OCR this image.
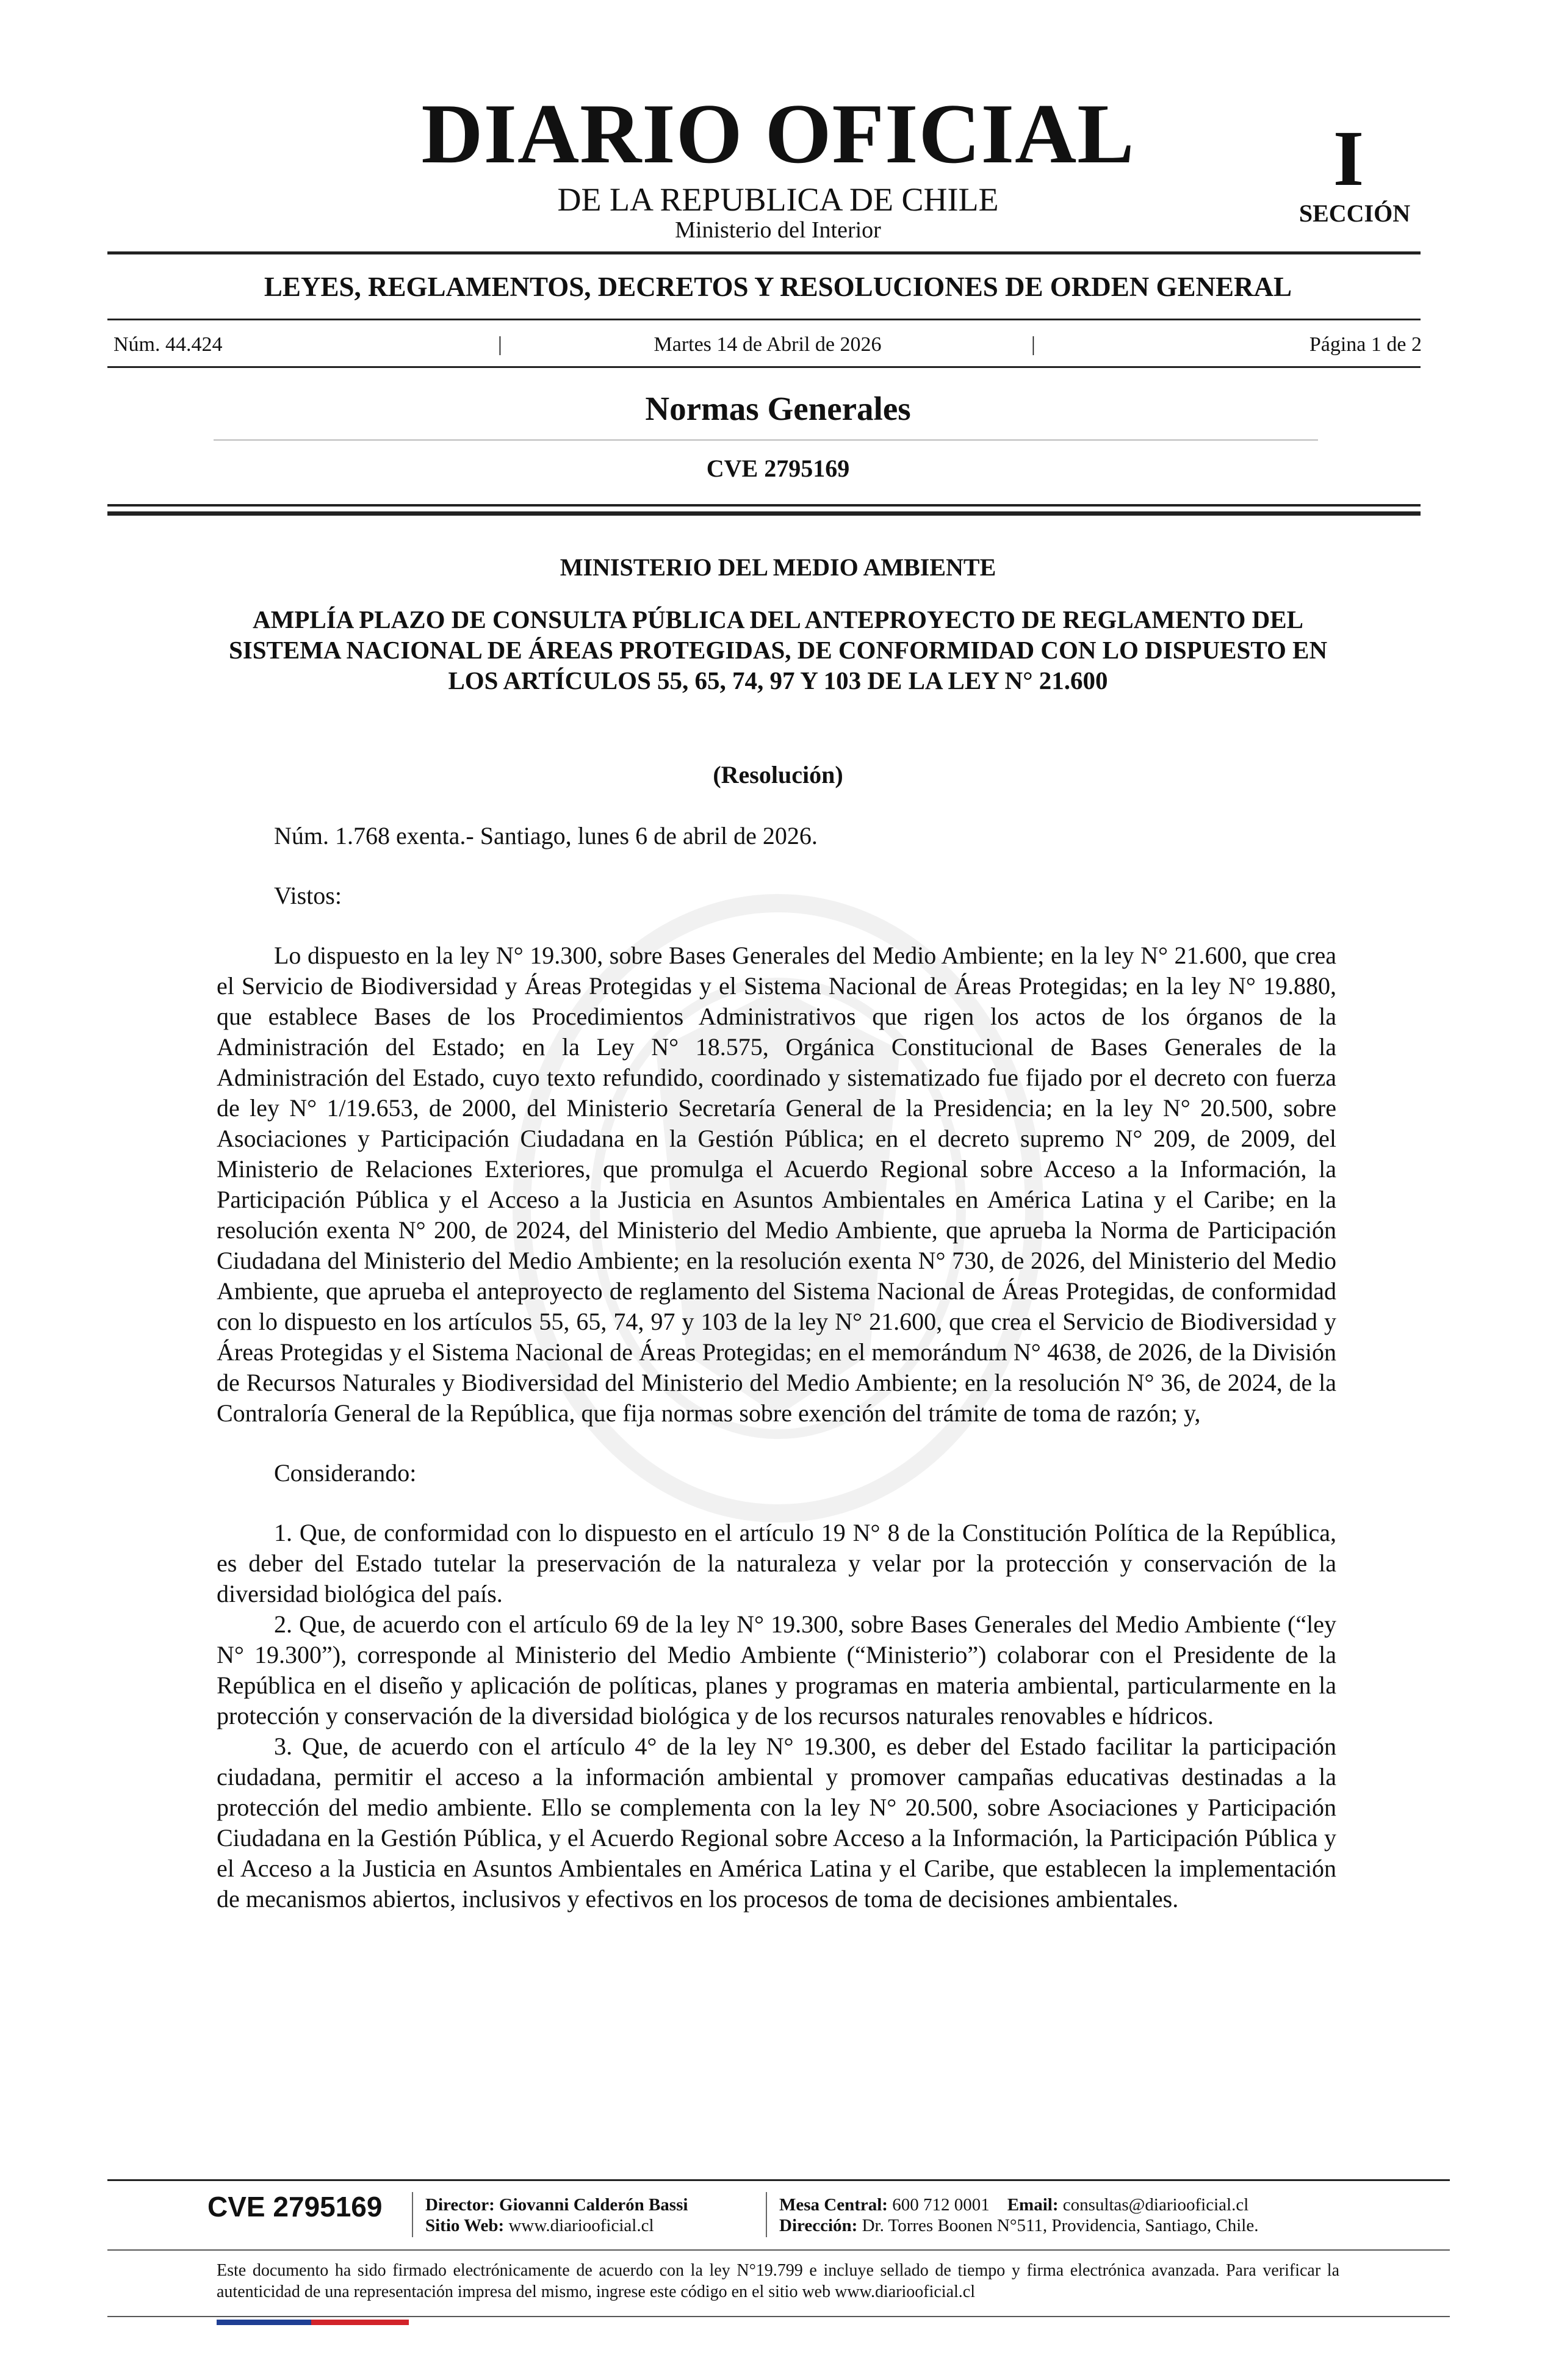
DIARIO OFICIAL
DE LA REPUBLICA DE CHILE
Ministerio del Interior
I
SECCIÓN
LEYES, REGLAMENTOS, DECRETOS Y RESOLUCIONES DE ORDEN GENERAL
Núm. 44.424	|	Martes 14 de Abril de 2026	|	Página 1 de 2
Normas Generales
CVE 2795169
MINISTERIO DEL MEDIO AMBIENTE
AMPLÍA PLAZO DE CONSULTA PÚBLICA DEL ANTEPROYECTO DE REGLAMENTO DEL SISTEMA NACIONAL DE ÁREAS PROTEGIDAS, DE CONFORMIDAD CON LO DISPUESTO EN LOS ARTÍCULOS 55, 65, 74, 97 Y 103 DE LA LEY N° 21.600
(Resolución)

Núm. 1.768 exenta.- Santiago, lunes 6 de abril de 2026.

Vistos:

Lo dispuesto en la ley N° 19.300, sobre Bases Generales del Medio Ambiente; en la ley N° 21.600, que crea el Servicio de Biodiversidad y Áreas Protegidas y el Sistema Nacional de Áreas Protegidas; en la ley N° 19.880, que establece Bases de los Procedimientos Administrativos que rigen los actos de los órganos de la Administración del Estado; en la Ley N° 18.575, Orgánica Constitucional de Bases Generales de la Administración del Estado, cuyo texto refundido, coordinado y sistematizado fue fijado por el decreto con fuerza de ley N° 1/19.653, de 2000, del Ministerio Secretaría General de la Presidencia; en la ley N° 20.500, sobre Asociaciones y Participación Ciudadana en la Gestión Pública; en el decreto supremo N° 209, de 2009, del Ministerio de Relaciones Exteriores, que promulga el Acuerdo Regional sobre Acceso a la Información, la Participación Pública y el Acceso a la Justicia en Asuntos Ambientales en América Latina y el Caribe; en la resolución exenta N° 200, de 2024, del Ministerio del Medio Ambiente, que aprueba la Norma de Participación Ciudadana del Ministerio del Medio Ambiente; en la resolución exenta N° 730, de 2026, del Ministerio del Medio Ambiente, que aprueba el anteproyecto de reglamento del Sistema Nacional de Áreas Protegidas, de conformidad con lo dispuesto en los artículos 55, 65, 74, 97 y 103 de la ley N° 21.600, que crea el Servicio de Biodiversidad y Áreas Protegidas y el Sistema Nacional de Áreas Protegidas; en el memorándum N° 4638, de 2026, de la División de Recursos Naturales y Biodiversidad del Ministerio del Medio Ambiente; en la resolución N° 36, de 2024, de la Contraloría General de la República, que fija normas sobre exención del trámite de toma de razón; y,

Considerando:

1. Que, de conformidad con lo dispuesto en el artículo 19 N° 8 de la Constitución Política de la República, es deber del Estado tutelar la preservación de la naturaleza y velar por la protección y conservación de la diversidad biológica del país.

2. Que, de acuerdo con el artículo 69 de la ley N° 19.300, sobre Bases Generales del Medio Ambiente (“ley N° 19.300”), corresponde al Ministerio del Medio Ambiente (“Ministerio”) colaborar con el Presidente de la República en el diseño y aplicación de políticas, planes y programas en materia ambiental, particularmente en la protección y conservación de la diversidad biológica y de los recursos naturales renovables e hídricos.

3. Que, de acuerdo con el artículo 4° de la ley N° 19.300, es deber del Estado facilitar la participación ciudadana, permitir el acceso a la información ambiental y promover campañas educativas destinadas a la protección del medio ambiente. Ello se complementa con la ley N° 20.500, sobre Asociaciones y Participación Ciudadana en la Gestión Pública, y el Acuerdo Regional sobre Acceso a la Información, la Participación Pública y el Acceso a la Justicia en Asuntos Ambientales en América Latina y el Caribe, que establecen la implementación de mecanismos abiertos, inclusivos y efectivos en los procesos de toma de decisiones ambientales.

CVE 2795169	Director: Giovanni Calderón Bassi
Sitio Web: www.diariooficial.cl
Mesa Central: 600 712 0001 Email: consultas@diariooficial.cl
Dirección: Dr. Torres Boonen N°511, Providencia, Santiago, Chile.
Este documento ha sido firmado electrónicamente de acuerdo con la ley N°19.799 e incluye sellado de tiempo y firma electrónica avanzada. Para verificar la autenticidad de una representación impresa del mismo, ingrese este código en el sitio web www.diariooficial.cl
